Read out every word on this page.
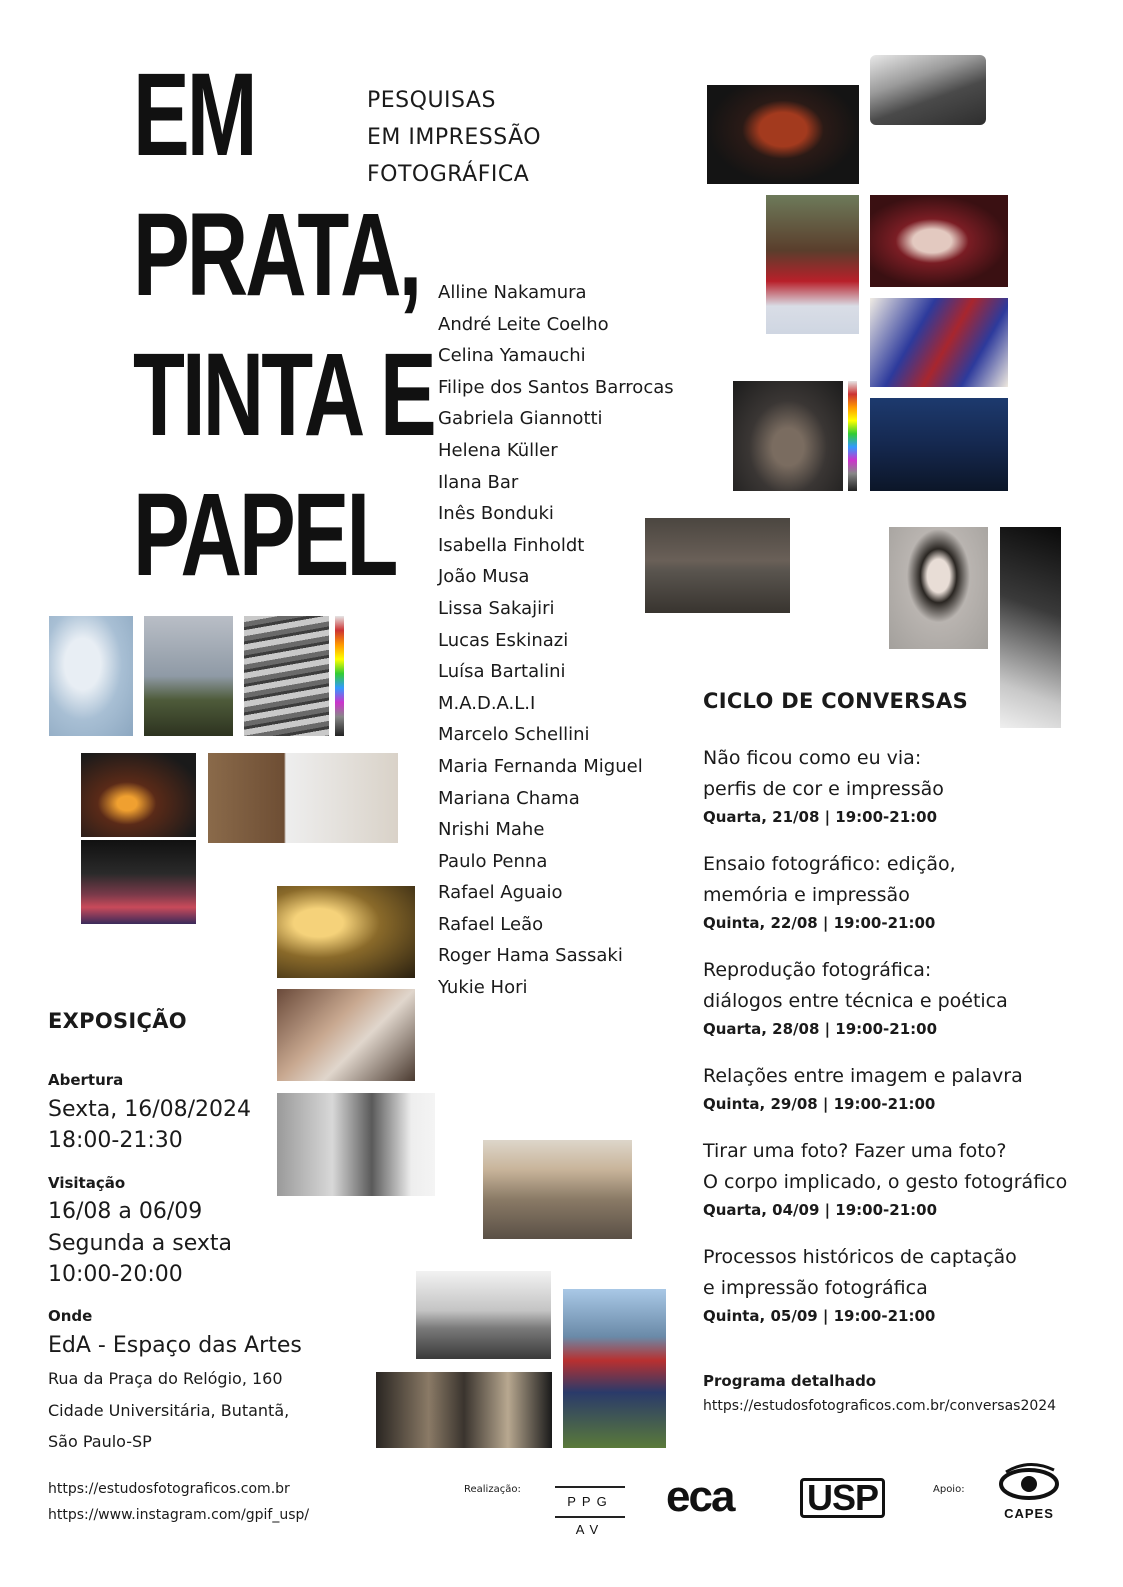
EM
PRATA,
TINTA E
PAPEL
PESQUISAS
EM IMPRESSÃO
FOTOGRÁFICA
Alline Nakamura
André Leite Coelho
Celina Yamauchi
Filipe dos Santos Barrocas
Gabriela Giannotti
Helena Küller
Ilana Bar
Inês Bonduki
Isabella Finholdt
João Musa
Lissa Sakajiri
Lucas Eskinazi
Luísa Bartalini
M.A.D.A.L.I
Marcelo Schellini
Maria Fernanda Miguel
Mariana Chama
Nrishi Mahe
Paulo Penna
Rafael Aguaio
Rafael Leão
Roger Hama Sassaki
Yukie Hori
EXPOSIÇÃO
Abertura
Sexta, 16/08/2024
18:00-21:30
Visitação
16/08 a 06/09
Segunda a sexta
10:00-20:00
Onde
EdA - Espaço das Artes
Rua da Praça do Relógio, 160
Cidade Universitária, Butantã,
São Paulo-SP
CICLO DE CONVERSAS
Não ficou como eu via:
perfis de cor e impressão
Quarta, 21/08 | 19:00-21:00
Ensaio fotográfico: edição,
memória e impressão
Quinta, 22/08 | 19:00-21:00
Reprodução fotográfica:
diálogos entre técnica e poética
Quarta, 28/08 | 19:00-21:00
Relações entre imagem e palavra
Quinta, 29/08 | 19:00-21:00
Tirar uma foto? Fazer uma foto?
O corpo implicado, o gesto fotográfico
Quarta, 04/09 | 19:00-21:00
Processos históricos de captação
e impressão fotográfica
Quinta, 05/09 | 19:00-21:00
Programa detalhado
https://estudosfotograficos.com.br/conversas2024
https://estudosfotograficos.com.br
https://www.instagram.com/gpif_usp/
Realização:
PPG AV
eca USP	Apoio:
CAPES
